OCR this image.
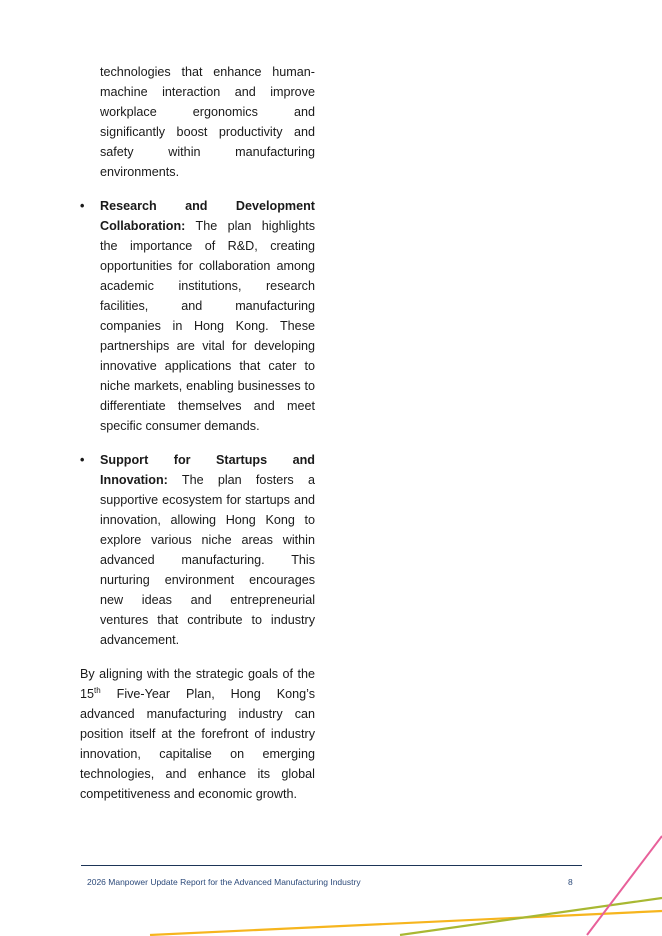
technologies that enhance human-machine interaction and improve workplace ergonomics and significantly boost productivity and safety within manufacturing environments.

• Research and Development Collaboration: The plan highlights the importance of R&D, creating opportunities for collaboration among academic institutions, research facilities, and manufacturing companies in Hong Kong. These partnerships are vital for developing innovative applications that cater to niche markets, enabling businesses to differentiate themselves and meet specific consumer demands.

• Support for Startups and Innovation: The plan fosters a supportive ecosystem for startups and innovation, allowing Hong Kong to explore various niche areas within advanced manufacturing. This nurturing environment encourages new ideas and entrepreneurial ventures that contribute to industry advancement.

By aligning with the strategic goals of the 15th Five-Year Plan, Hong Kong’s advanced manufacturing industry can position itself at the forefront of industry innovation, capitalise on emerging technologies, and enhance its global competitiveness and economic growth.

2026 Manpower Update Report for the Advanced Manufacturing Industry	8
